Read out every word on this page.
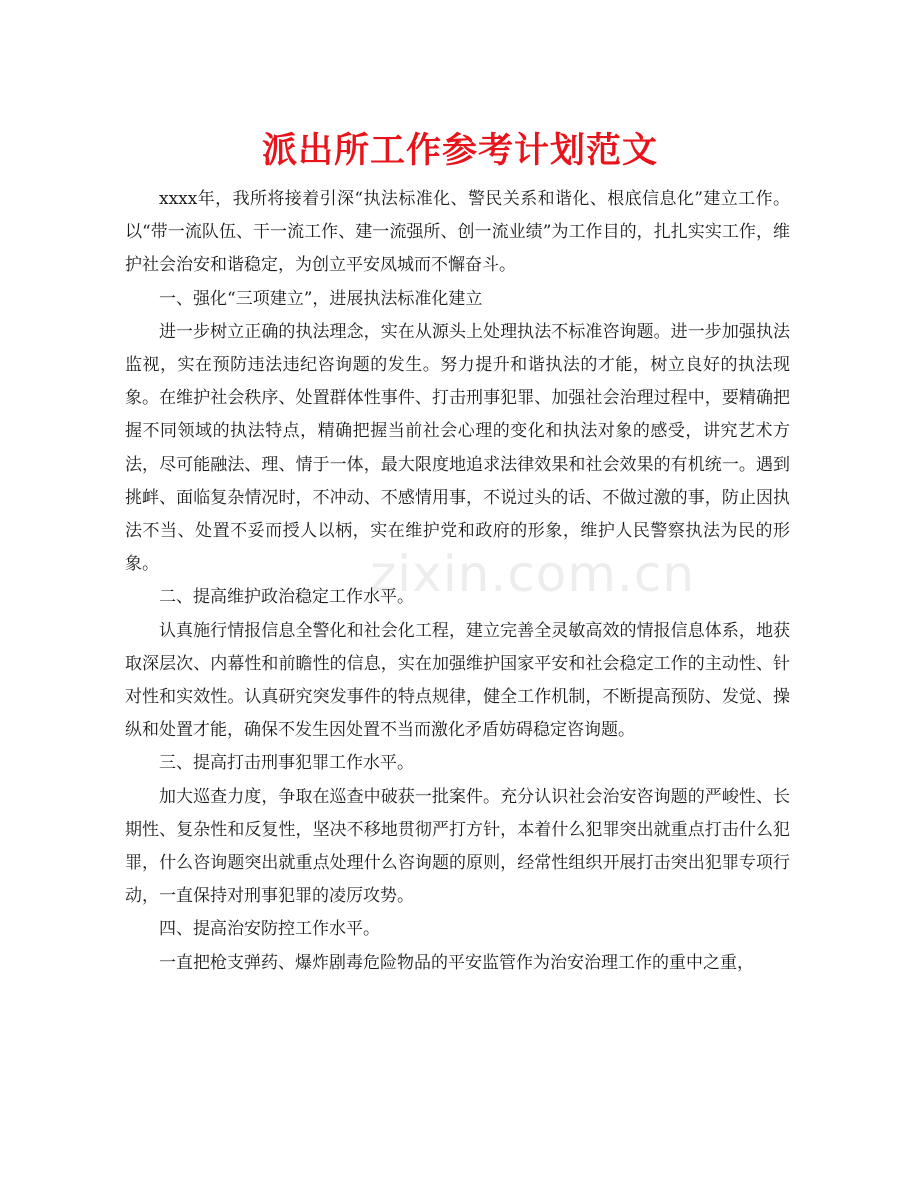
派出所工作参考计划范文

xxxx年，我所将接着引深“执法标准化、警民关系和谐化、根底信息化”建立工作。以“带一流队伍、干一流工作、建一流强所、创一流业绩”为工作目的，扎扎实实工作，维护社会治安和谐稳定，为创立平安凤城而不懈奋斗。

一、强化“三项建立”，进展执法标准化建立

进一步树立正确的执法理念，实在从源头上处理执法不标准咨询题。进一步加强执法监视，实在预防违法违纪咨询题的发生。努力提升和谐执法的才能，树立良好的执法现象。在维护社会秩序、处置群体性事件、打击刑事犯罪、加强社会治理过程中，要精确把握不同领域的执法特点，精确把握当前社会心理的变化和执法对象的感受，讲究艺术方法，尽可能融法、理、情于一体，最大限度地追求法律效果和社会效果的有机统一。遇到挑衅、面临复杂情况时，不冲动、不感情用事，不说过头的话、不做过激的事，防止因执法不当、处置不妥而授人以柄，实在维护党和政府的形象，维护人民警察执法为民的形象。

二、提高维护政治稳定工作水平。

认真施行情报信息全警化和社会化工程，建立完善全灵敏高效的情报信息体系，地获取深层次、内幕性和前瞻性的信息，实在加强维护国家平安和社会稳定工作的主动性、针对性和实效性。认真研究突发事件的特点规律，健全工作机制，不断提高预防、发觉、操纵和处置才能，确保不发生因处置不当而激化矛盾妨碍稳定咨询题。

三、提高打击刑事犯罪工作水平。

加大巡查力度，争取在巡查中破获一批案件。充分认识社会治安咨询题的严峻性、长期性、复杂性和反复性，坚决不移地贯彻严打方针，本着什么犯罪突出就重点打击什么犯罪，什么咨询题突出就重点处理什么咨询题的原则，经常性组织开展打击突出犯罪专项行动，一直保持对刑事犯罪的凌厉攻势。

四、提高治安防控工作水平。

一直把枪支弹药、爆炸剧毒危险物品的平安监管作为治安治理工作的重中之重，

zixin.com.cn
